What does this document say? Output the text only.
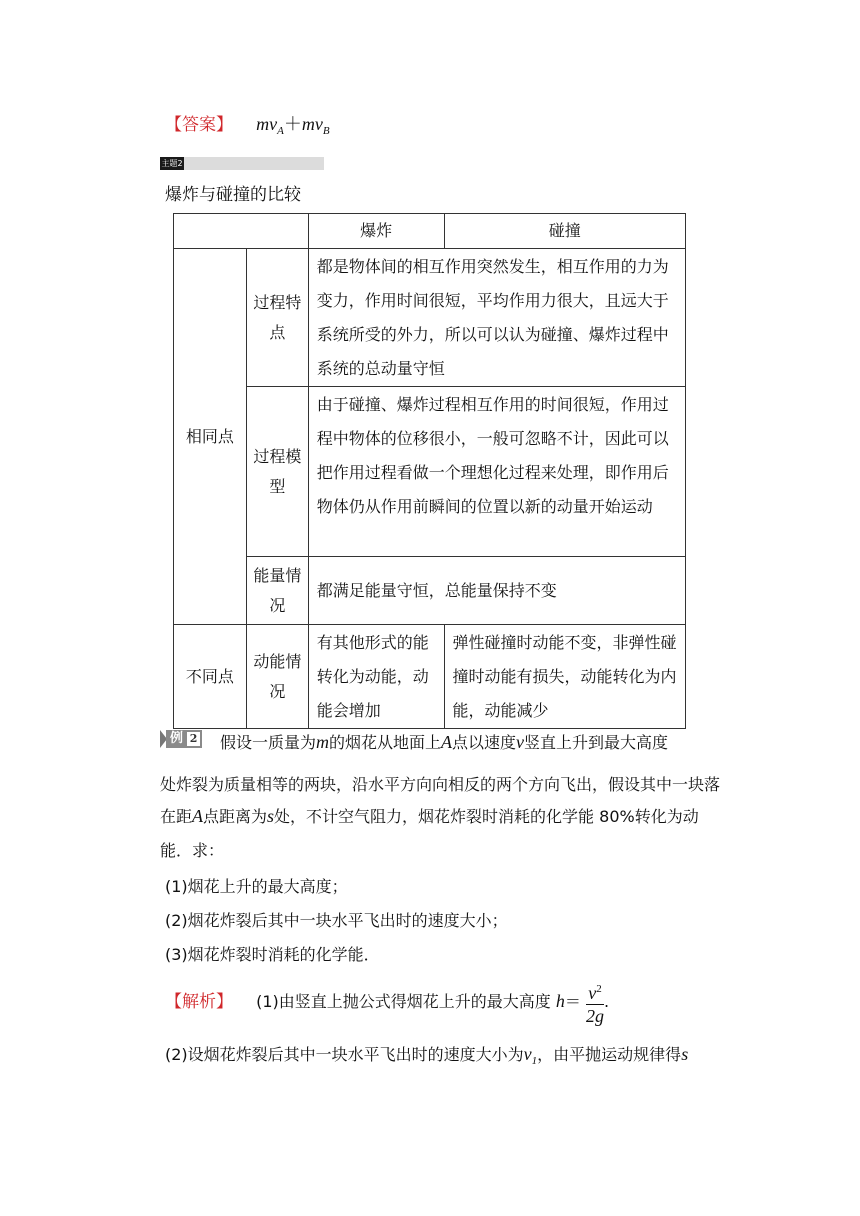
【答案】 $mv_A+mv_B$
主题2
爆炸与碰撞的比较
		爆炸	碰撞
相同点	过程特点	都是物体间的相互作用突然发生，相互作用的力为变力，作用时间很短，平均作用力很大，且远大于系统所受的外力，所以可以认为碰撞、爆炸过程中系统的总动量守恒	
	过程模型	由于碰撞、爆炸过程相互作用的时间很短，作用过程中物体的位移很小，一般可忽略不计，因此可以把作用过程看做一个理想化过程来处理，即作用后物体仍从作用前瞬间的位置以新的动量开始运动	
	能量情况	都满足能量守恒，总能量保持不变	
不同点	动能情况	有其他形式的能转化为动能，动能会增加	弹性碰撞时动能不变，非弹性碰撞时动能有损失，动能转化为内能，动能减少
例 2 假设一质量为m的烟花从地面上A点以速度v竖直上升到最大高度
处炸裂为质量相等的两块，沿水平方向向相反的两个方向飞出，假设其中一块落
在距A点距离为s处，不计空气阻力，烟花炸裂时消耗的化学能 80%转化为动
能．求：
(1)烟花上升的最大高度；
(2)烟花炸裂后其中一块水平飞出时的速度大小；
(3)烟花炸裂时消耗的化学能．
【解析】 (1)由竖直上抛公式得烟花上升的最大高度 $h= \frac{v^2}{2g}$ .
(2)设烟花炸裂后其中一块水平飞出时的速度大小为$v_1$，由平抛运动规律得s
